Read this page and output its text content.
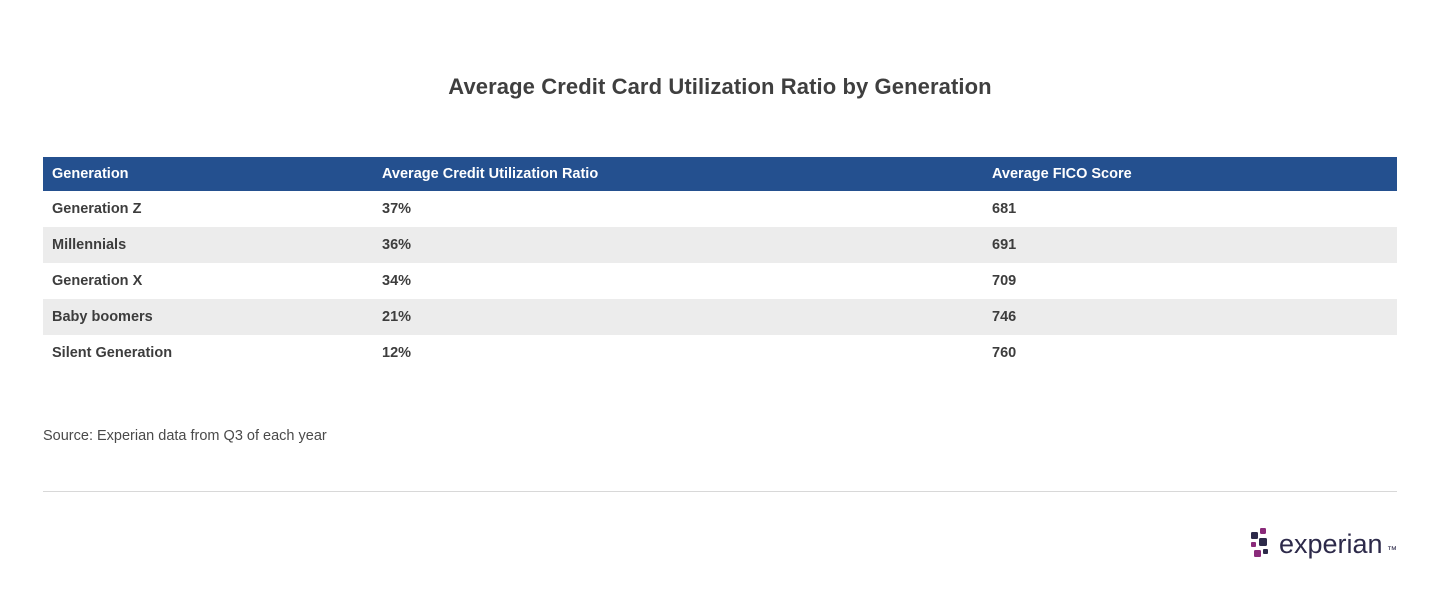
Average Credit Card Utilization Ratio by Generation
Generation	Average Credit Utilization Ratio	Average FICO Score
Generation Z	37%	681
Millennials	36%	691
Generation X	34%	709
Baby boomers	21%	746
Silent Generation	12%	760
Source: Experian data from Q3 of each year
experian ™
